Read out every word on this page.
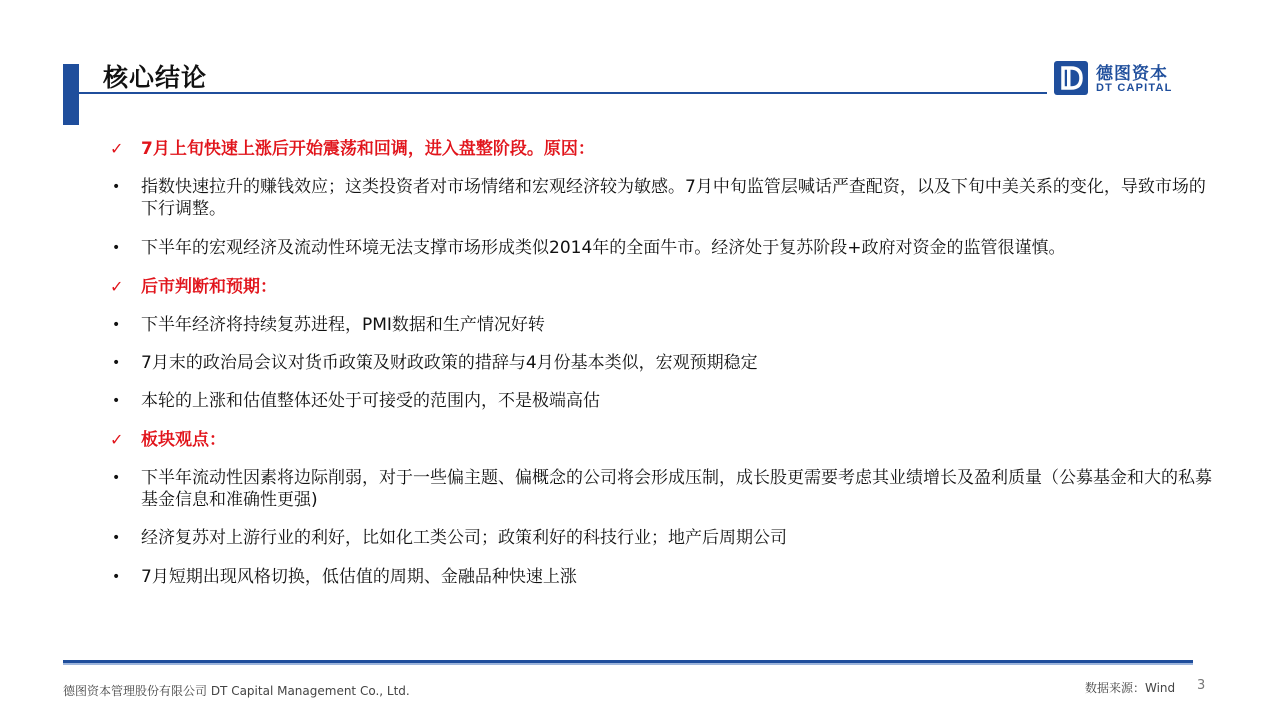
核心结论	德图资本
DT CAPITAL
✓	7月上旬快速上涨后开始震荡和回调，进入盘整阶段。原因：
•	指数快速拉升的赚钱效应；这类投资者对市场情绪和宏观经济较为敏感。7月中旬监管层喊话严查配资，以及下旬中美关系的变化，导致市场的下行调整。
•	下半年的宏观经济及流动性环境无法支撑市场形成类似2014年的全面牛市。经济处于复苏阶段+政府对资金的监管很谨慎。
✓	后市判断和预期：
•	下半年经济将持续复苏进程，PMI数据和生产情况好转
•	7月末的政治局会议对货币政策及财政政策的措辞与4月份基本类似，宏观预期稳定
•	本轮的上涨和估值整体还处于可接受的范围内，不是极端高估
✓	板块观点：
•	下半年流动性因素将边际削弱，对于一些偏主题、偏概念的公司将会形成压制，成长股更需要考虑其业绩增长及盈利质量（公募基金和大的私募基金信息和准确性更强)
•	经济复苏对上游行业的利好，比如化工类公司；政策利好的科技行业；地产后周期公司
•	7月短期出现风格切换，低估值的周期、金融品种快速上涨
德图资本管理股份有限公司 DT Capital Management Co., Ltd.	数据来源：Wind 3
